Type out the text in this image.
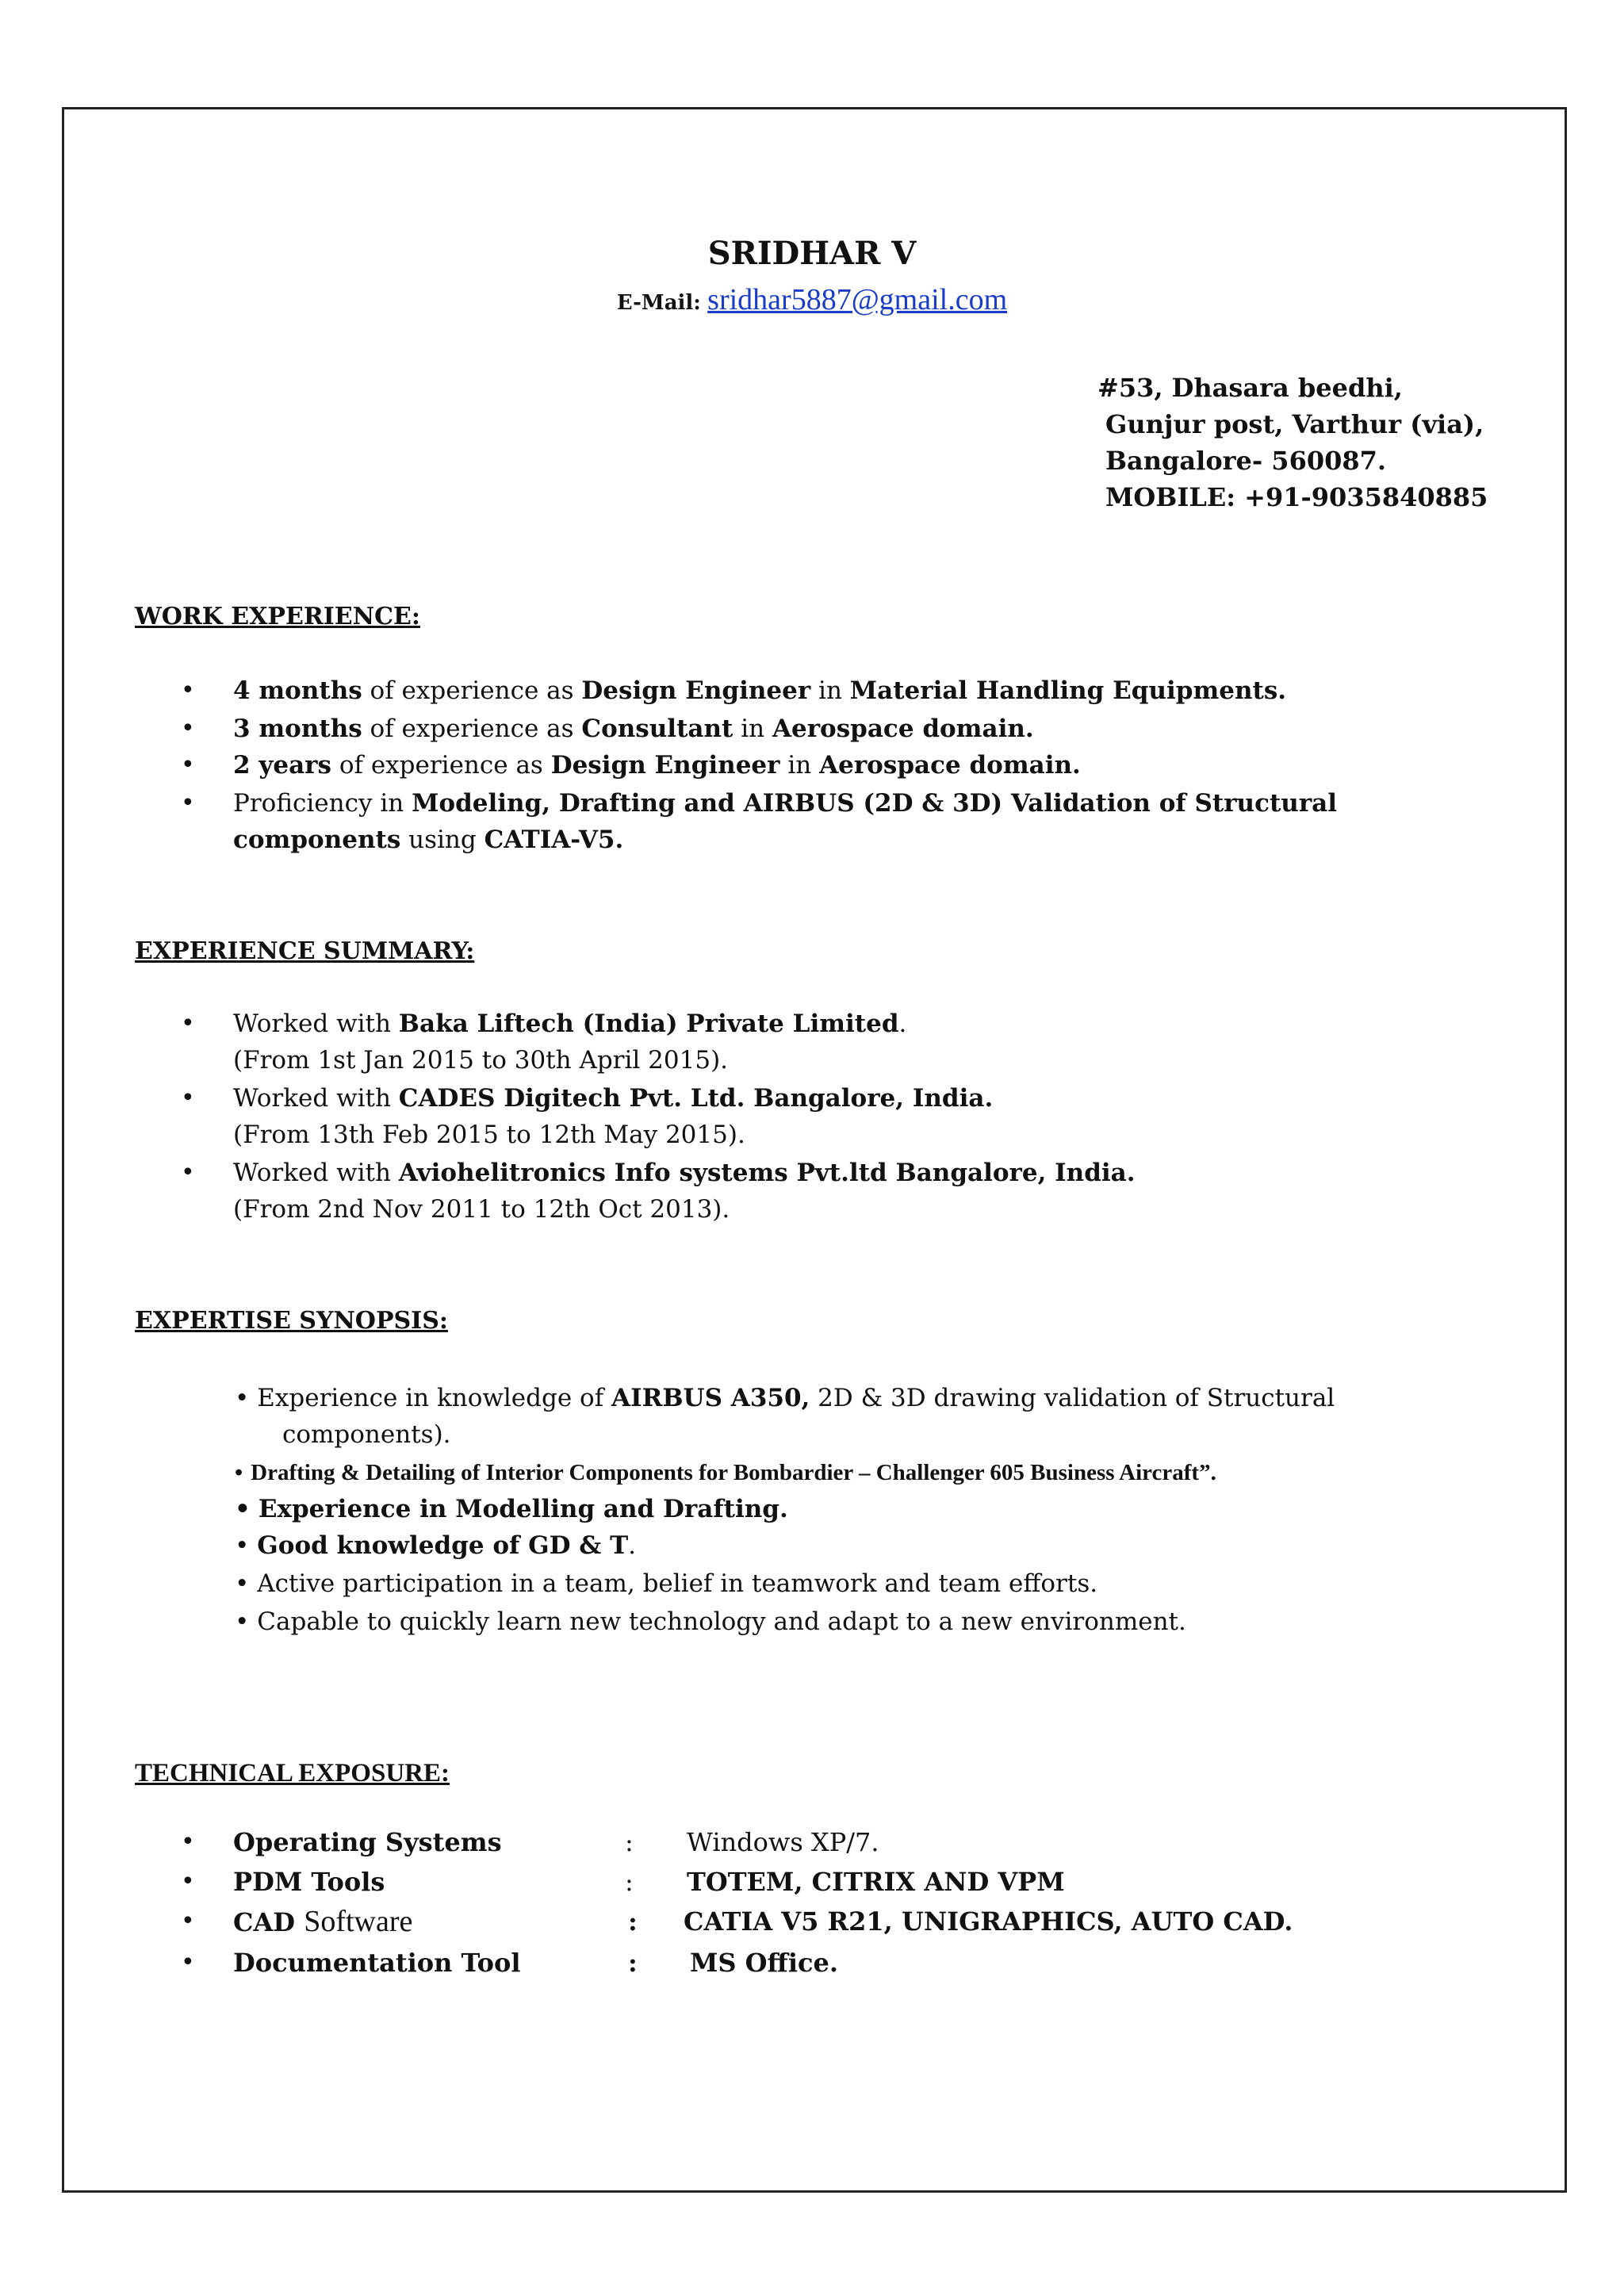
SRIDHAR V
E-Mail: sridhar5887@gmail.com
#53, Dhasara beedhi,
Gunjur post, Varthur (via),
Bangalore- 560087.
MOBILE: +91-9035840885
WORK EXPERIENCE:
• 4 months of experience as Design Engineer in Material Handling Equipments.
• 3 months of experience as Consultant in Aerospace domain.
• 2 years of experience as Design Engineer in Aerospace domain.
• Proficiency in Modeling, Drafting and AIRBUS (2D & 3D) Validation of Structural
components using CATIA-V5.
EXPERIENCE SUMMARY:
• Worked with Baka Liftech (India) Private Limited.
(From 1st Jan 2015 to 30th April 2015).
• Worked with CADES Digitech Pvt. Ltd. Bangalore, India.
(From 13th Feb 2015 to 12th May 2015).
• Worked with Aviohelitronics Info systems Pvt.ltd Bangalore, India.
(From 2nd Nov 2011 to 12th Oct 2013).
EXPERTISE SYNOPSIS:
• Experience in knowledge of AIRBUS A350, 2D & 3D drawing validation of Structural
components).
• Drafting & Detailing of Interior Components for Bombardier – Challenger 605 Business Aircraft”.
• Experience in Modelling and Drafting.
• Good knowledge of GD & T.
• Active participation in a team, belief in teamwork and team efforts.
• Capable to quickly learn new technology and adapt to a new environment.
TECHNICAL EXPOSURE:
• Operating Systems	: Windows XP/7.
• PDM Tools	: TOTEM, CITRIX AND VPM
• CAD Software	: CATIA V5 R21, UNIGRAPHICS, AUTO CAD.
• Documentation Tool	: MS Office.
